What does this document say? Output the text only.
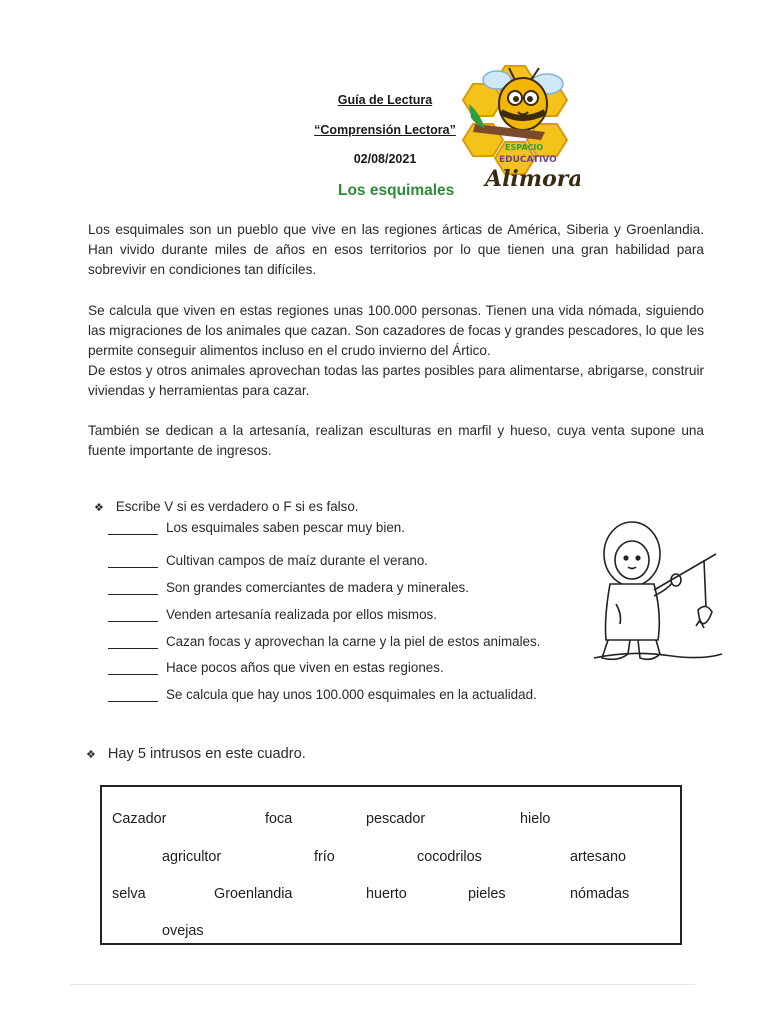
Guía de Lectura
“Comprensión Lectora”
02/08/2021
ESPACIO
EDUCATIVO
Alimora
Los esquimales
Los esquimales son un pueblo que vive en las regiones árticas de América, Siberia y Groenlandia. Han vivido durante miles de años en esos territorios por lo que tienen una gran habilidad para sobrevivir en condiciones tan difíciles.
Se calcula que viven en estas regiones unas 100.000 personas. Tienen una vida nómada, siguiendo las migraciones de los animales que cazan. Son cazadores de focas y grandes pescadores, lo que les permite conseguir alimentos incluso en el crudo invierno del Ártico.
De estos y otros animales aprovechan todas las partes posibles para alimentarse, abrigarse, construir viviendas y herramientas para cazar.
También se dedican a la artesanía, realizan esculturas en marfil y hueso, cuya venta supone una fuente importante de ingresos.
❖ Escribe V si es verdadero o F si es falso.
Los esquimales saben pescar muy bien.
Cultivan campos de maíz durante el verano.
Son grandes comerciantes de madera y minerales.
Venden artesanía realizada por ellos mismos.
Cazan focas y aprovechan la carne y la piel de estos animales.
Hace pocos años que viven en estas regiones.
Se calcula que hay unos 100.000 esquimales en la actualidad.
❖ Hay 5 intrusos en este cuadro.
Cazador	foca	pescador	hielo
agricultor	frío	cocodrilos	artesano
selva	Groenlandia	huerto	pieles	nómadas
ovejas
